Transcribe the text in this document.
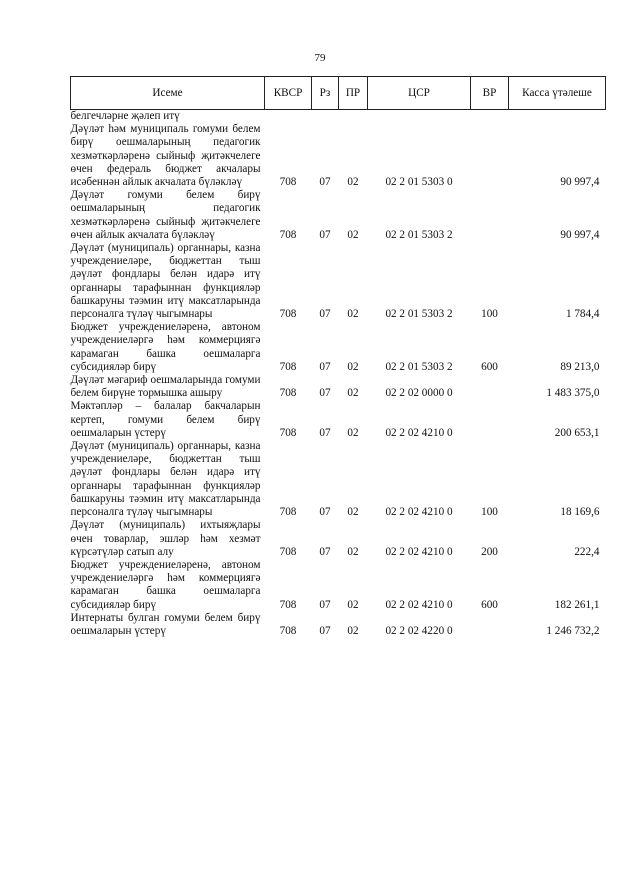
79
Исеме	КВСР	Рз	ПР	ЦСР	ВР	Касса үтәлеше
белгечләрне җәлеп итү						
Дәүләт һәм муниципаль гомуми белем бирү оешмаларының педагогик хезмәткәрләренә сыйныф җитәкчелеге өчен федераль бюджет акчалары исәбеннән айлык акчалата бүләкләү	708	07	02	02 2 01 5303 0		90 997,4
Дәүләт гомуми белем бирү оешмаларының педагогик хезмәткәрләренә сыйныф җитәкчелеге өчен айлык акчалата бүләкләү	708	07	02	02 2 01 5303 2		90 997,4
Дәүләт (муниципаль) органнары, казна учреждениеләре, бюджеттан тыш дәүләт фондлары белән идарә итү органнары тарафыннан функцияләр башкаруны тәэмин итү максатларында персоналга түләү чыгымнары	708	07	02	02 2 01 5303 2	100	1 784,4
Бюджет учреждениеләренә, автоном учреждениеләргә һәм коммерциягә карамаган башка оешмаларга субсидияләр бирү	708	07	02	02 2 01 5303 2	600	89 213,0
Дәүләт мәгариф оешмаларында гомуми белем бирүне тормышка ашыру	708	07	02	02 2 02 0000 0		1 483 375,0
Мәктәпләр – балалар бакчаларын кертеп, гомуми белем бирү оешмаларын үстерү	708	07	02	02 2 02 4210 0		200 653,1
Дәүләт (муниципаль) органнары, казна учреждениеләре, бюджеттан тыш дәүләт фондлары белән идарә итү органнары тарафыннан функцияләр башкаруны тәэмин итү максатларында персоналга түләү чыгымнары	708	07	02	02 2 02 4210 0	100	18 169,6
Дәүләт (муниципаль) ихтыяҗлары өчен товарлар, эшләр һәм хезмәт күрсәтүләр сатып алу	708	07	02	02 2 02 4210 0	200	222,4
Бюджет учреждениеләренә, автоном учреждениеләргә һәм коммерциягә карамаган башка оешмаларга субсидияләр бирү	708	07	02	02 2 02 4210 0	600	182 261,1
Интернаты булган гомуми белем бирү оешмаларын үстерү	708	07	02	02 2 02 4220 0		1 246 732,2
